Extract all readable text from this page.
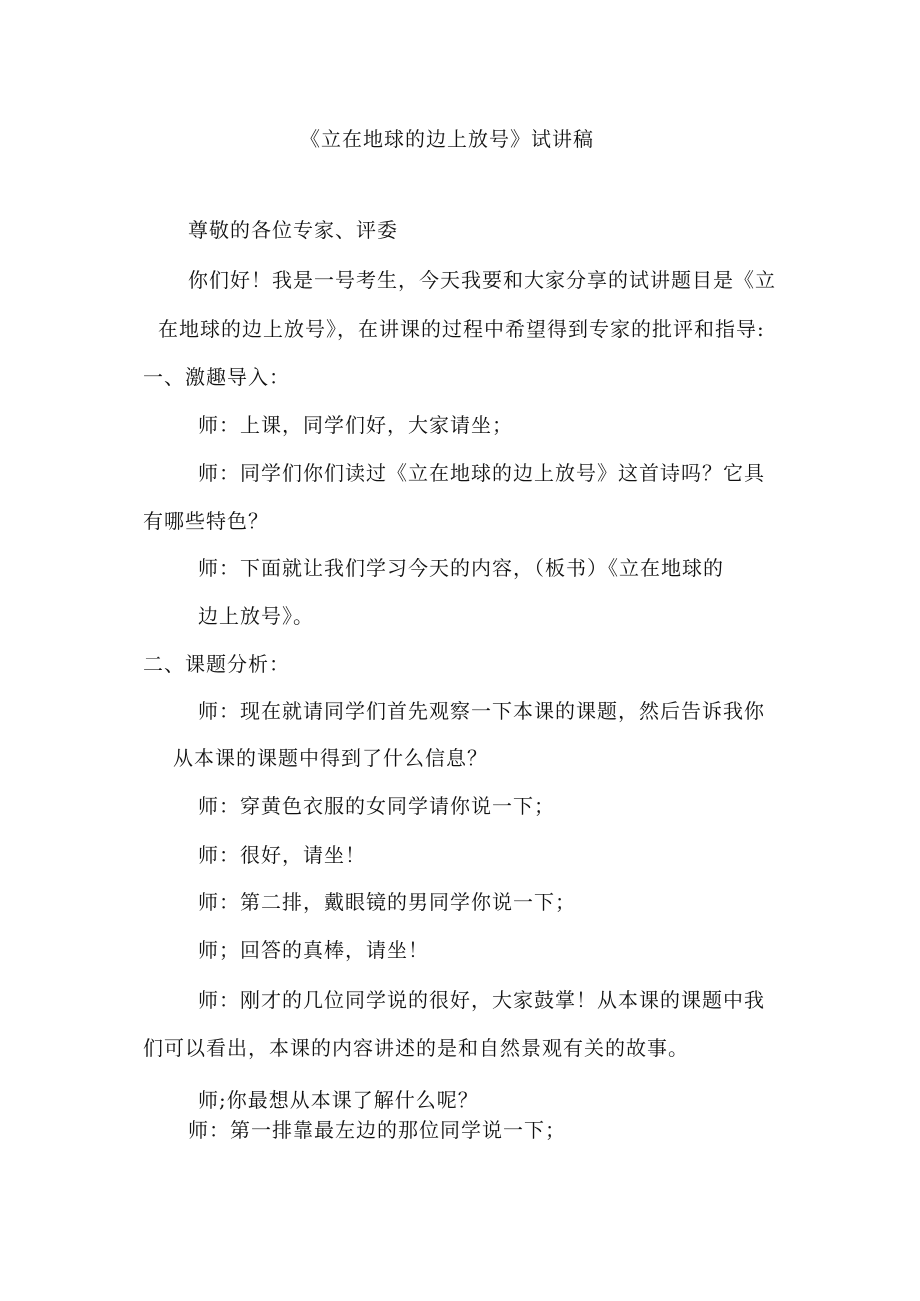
《立在地球的边上放号》试讲稿
尊敬的各位专家、评委
你们好！我是一号考生，今天我要和大家分享的试讲题目是《立
在地球的边上放号》，在讲课的过程中希望得到专家的批评和指导:
一、激趣导入：
师：上课，同学们好，大家请坐；
师：同学们你们读过《立在地球的边上放号》这首诗吗？它具
有哪些特色？
师：下面就让我们学习今天的内容，（板书）《立在地球的
边上放号》。
二、课题分析：
师：现在就请同学们首先观察一下本课的课题，然后告诉我你
从本课的课题中得到了什么信息？
师：穿黄色衣服的女同学请你说一下；
师：很好，请坐！
师：第二排，戴眼镜的男同学你说一下；
师；回答的真棒，请坐！
师：刚才的几位同学说的很好，大家鼓掌！从本课的课题中我
们可以看出，本课的内容讲述的是和自然景观有关的故事。
师;你最想从本课了解什么呢？
师：第一排靠最左边的那位同学说一下；
